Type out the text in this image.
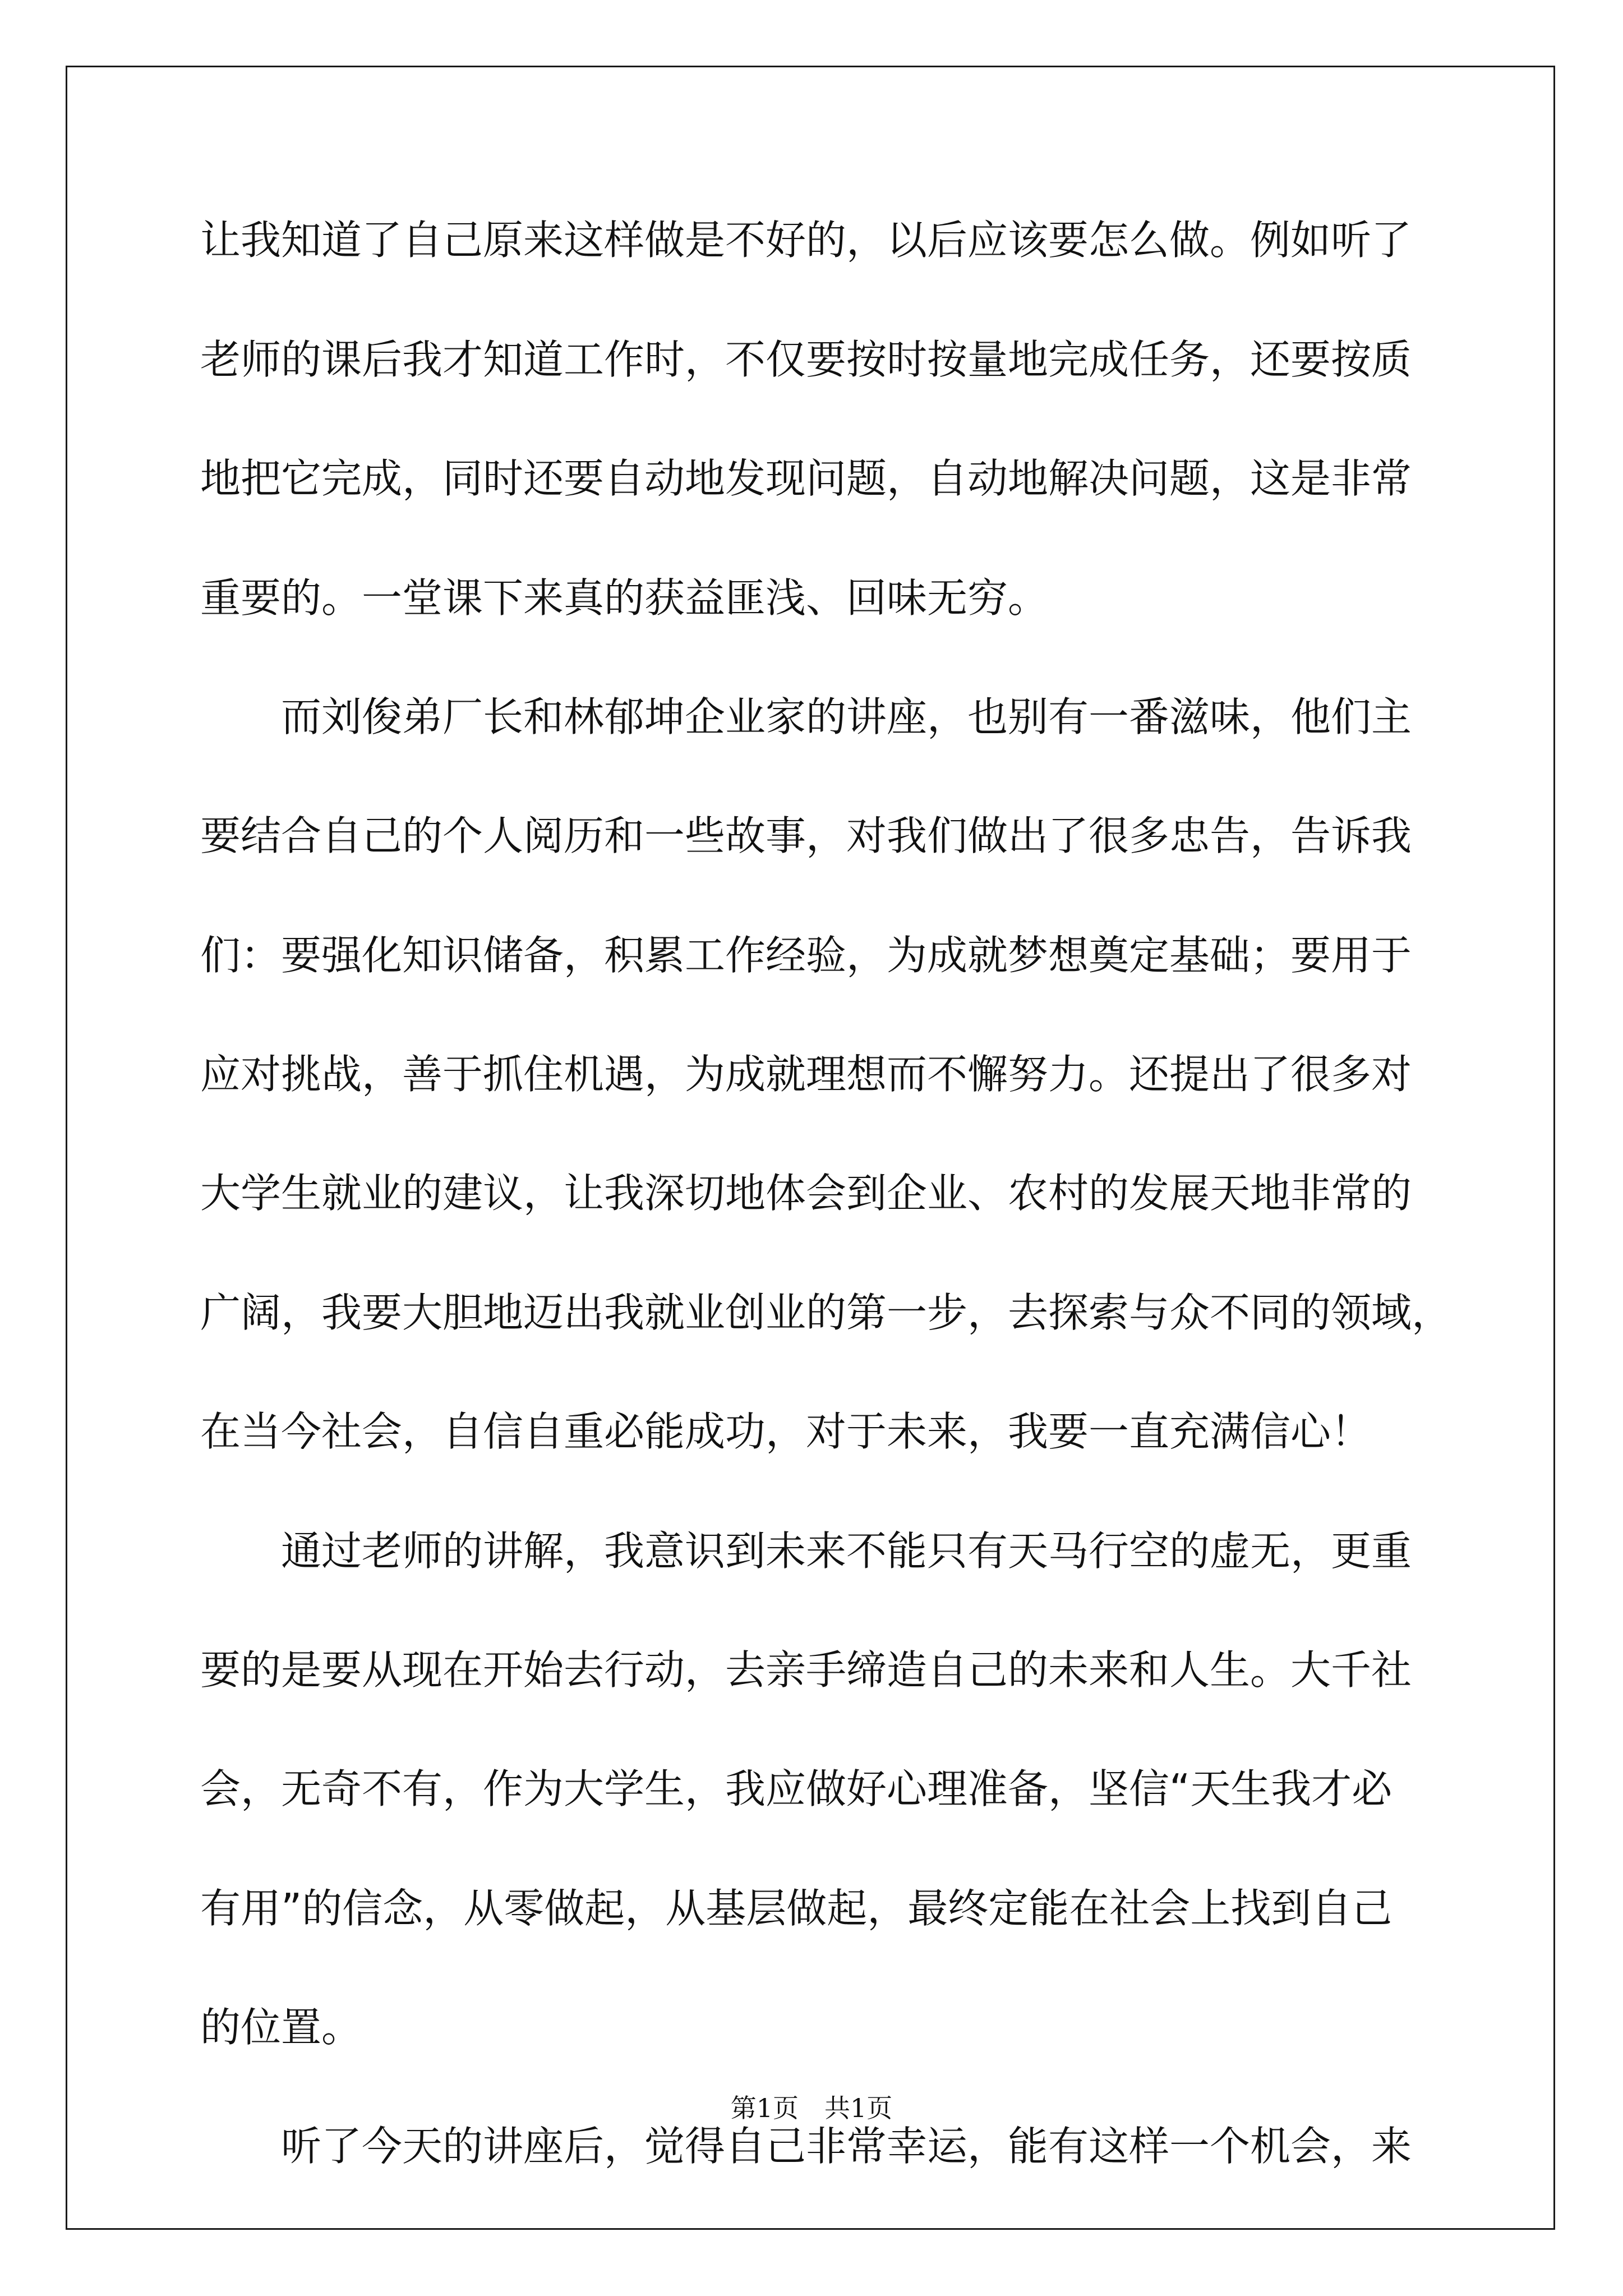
让我知道了自己原来这样做是不好的，以后应该要怎么做。例如听了
老师的课后我才知道工作时，不仅要按时按量地完成任务，还要按质
地把它完成，同时还要自动地发现问题，自动地解决问题，这是非常
重要的。一堂课下来真的获益匪浅、回味无穷。
　　而刘俊弟厂长和林郁坤企业家的讲座，也别有一番滋味，他们主
要结合自己的个人阅历和一些故事，对我们做出了很多忠告，告诉我
们：要强化知识储备，积累工作经验，为成就梦想奠定基础；要用于
应对挑战，善于抓住机遇，为成就理想而不懈努力。还提出了很多对
大学生就业的建议，让我深切地体会到企业、农村的发展天地非常的
广阔，我要大胆地迈出我就业创业的第一步，去探索与众不同的领域，
在当今社会，自信自重必能成功，对于未来，我要一直充满信心！
　　通过老师的讲解，我意识到未来不能只有天马行空的虚无，更重
要的是要从现在开始去行动，去亲手缔造自己的未来和人生。大千社
会，无奇不有，作为大学生，我应做好心理准备，坚信“天生我才必
有用”的信念，从零做起，从基层做起，最终定能在社会上找到自己
的位置。
　　听了今天的讲座后，觉得自己非常幸运，能有这样一个机会，来
第1页　共1页
